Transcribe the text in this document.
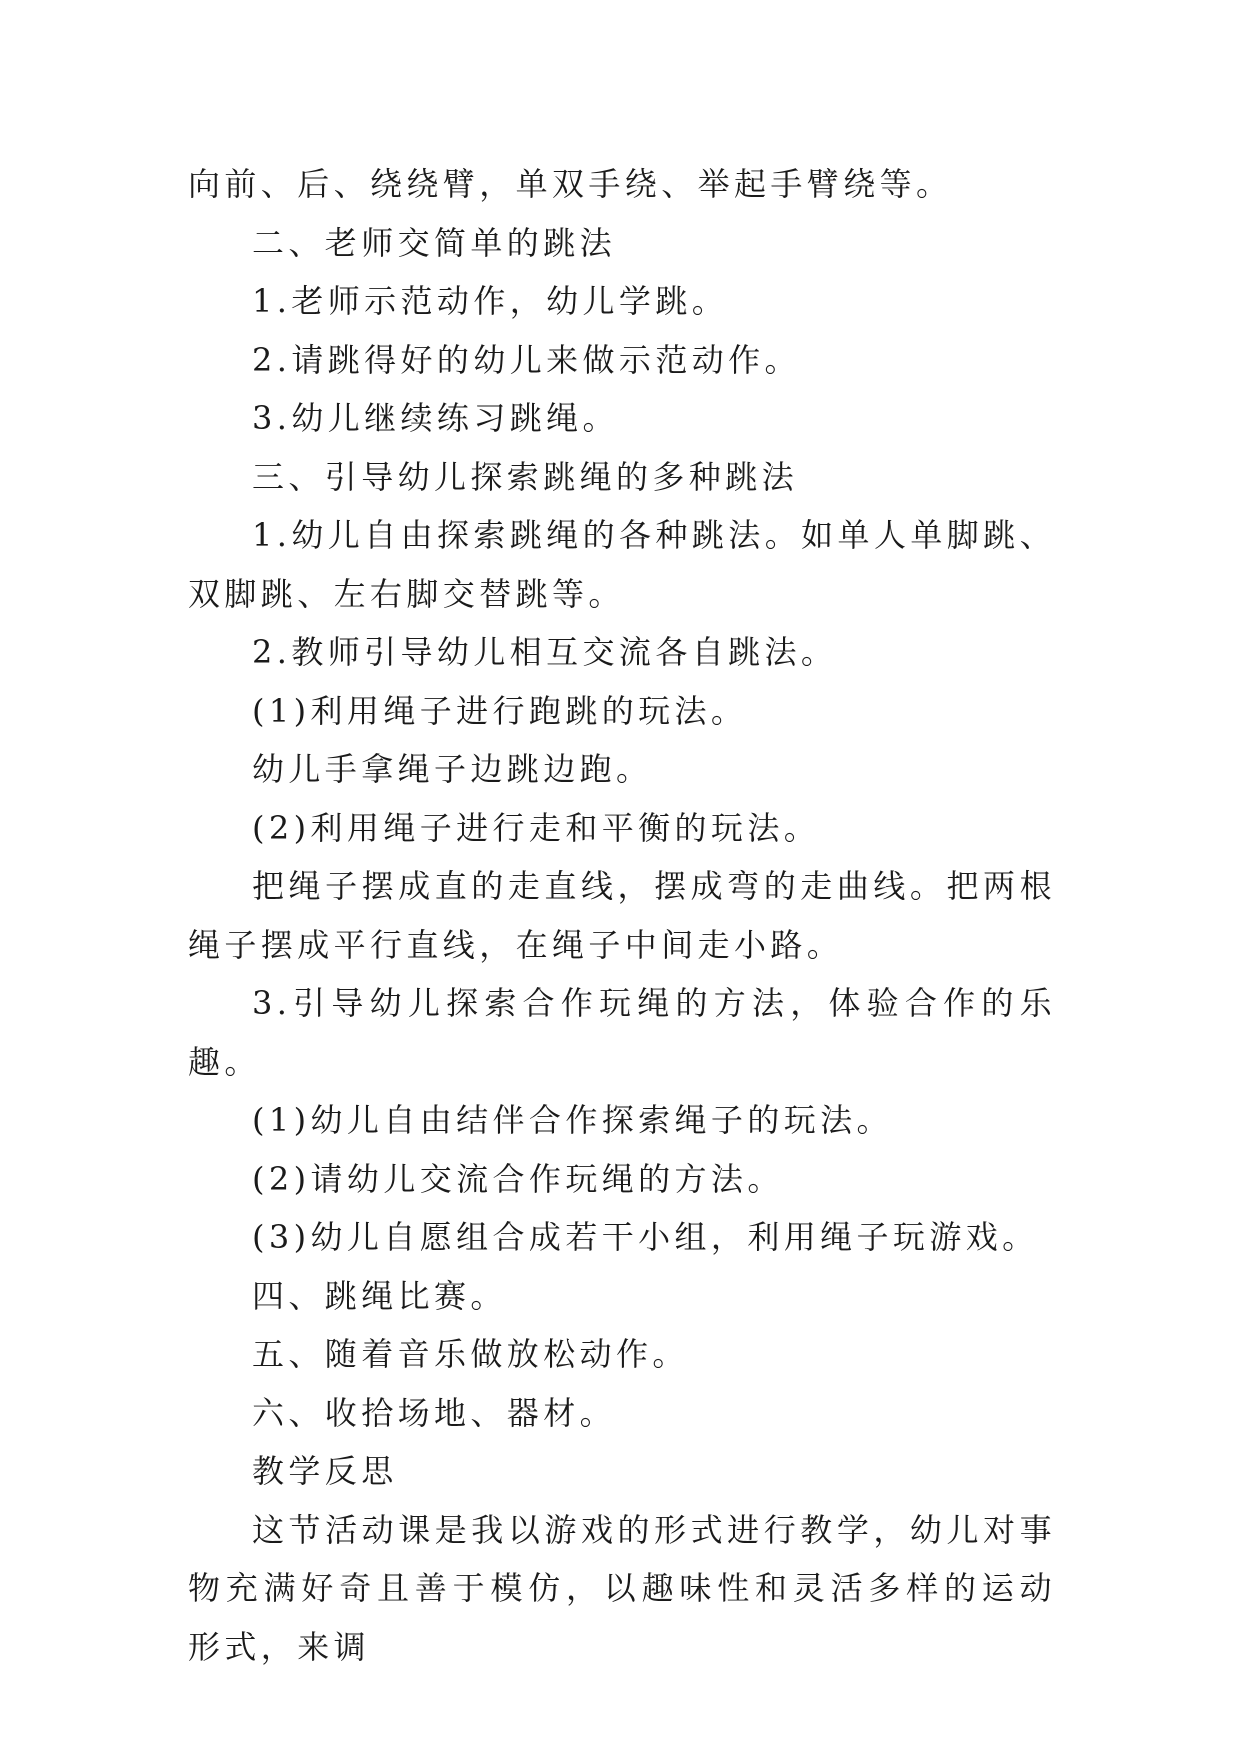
向前、后、绕绕臂，单双手绕、举起手臂绕等。

二、老师交简单的跳法

1.老师示范动作，幼儿学跳。

2.请跳得好的幼儿来做示范动作。

3.幼儿继续练习跳绳。

三、引导幼儿探索跳绳的多种跳法

1.幼儿自由探索跳绳的各种跳法。如单人单脚跳、双脚跳、左右脚交替跳等。

2.教师引导幼儿相互交流各自跳法。

(1)利用绳子进行跑跳的玩法。

幼儿手拿绳子边跳边跑。

(2)利用绳子进行走和平衡的玩法。

把绳子摆成直的走直线，摆成弯的走曲线。把两根绳子摆成平行直线，在绳子中间走小路。

3.引导幼儿探索合作玩绳的方法，体验合作的乐趣。

(1)幼儿自由结伴合作探索绳子的玩法。

(2)请幼儿交流合作玩绳的方法。

(3)幼儿自愿组合成若干小组，利用绳子玩游戏。

四、跳绳比赛。

五、随着音乐做放松动作。

六、收拾场地、器材。

教学反思

这节活动课是我以游戏的形式进行教学，幼儿对事物充满好奇且善于模仿，以趣味性和灵活多样的运动形式，来调
